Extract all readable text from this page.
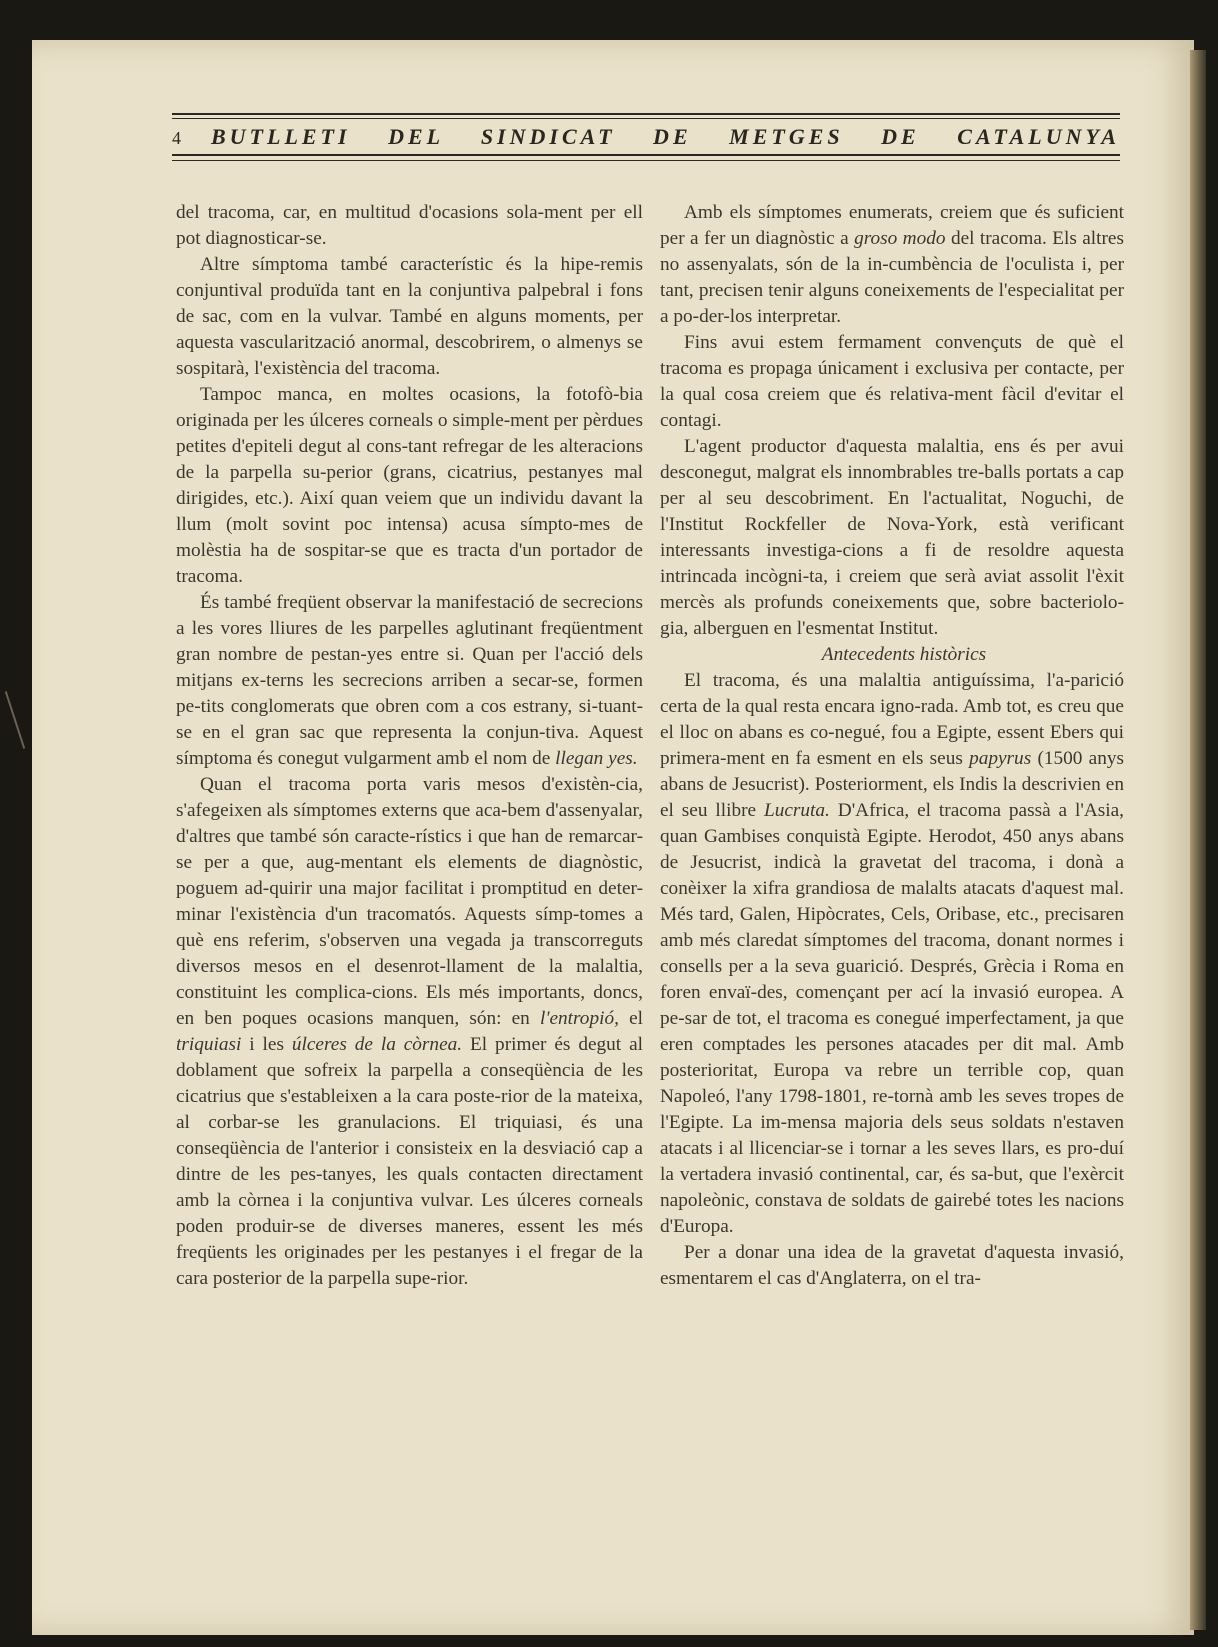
4 BUTLLETI DEL SINDICAT DE METGES DE CATALUNYA

del tracoma, car, en multitud d'ocasions sola-ment per ell pot diagnosticar-se.

Altre símptoma també característic és la hipe-remis conjuntival produïda tant en la conjuntiva palpebral i fons de sac, com en la vulvar. També en alguns moments, per aquesta vascularització anormal, descobrirem, o almenys se sospitarà, l'existència del tracoma.

Tampoc manca, en moltes ocasions, la fotofò-bia originada per les úlceres corneals o simple-ment per pèrdues petites d'epiteli degut al cons-tant refregar de les alteracions de la parpella su-perior (grans, cicatrius, pestanyes mal dirigides, etc.). Així quan veiem que un individu davant la llum (molt sovint poc intensa) acusa símpto-mes de molèstia ha de sospitar-se que es tracta d'un portador de tracoma.

És també freqüent observar la manifestació de secrecions a les vores lliures de les parpelles aglutinant freqüentment gran nombre de pestan-yes entre si. Quan per l'acció dels mitjans ex-terns les secrecions arriben a secar-se, formen pe-tits conglomerats que obren com a cos estrany, si-tuant-se en el gran sac que representa la conjun-tiva. Aquest símptoma és conegut vulgarment amb el nom de llegan yes.

Quan el tracoma porta varis mesos d'existèn-cia, s'afegeixen als símptomes externs que aca-bem d'assenyalar, d'altres que també són caracte-rístics i que han de remarcar-se per a que, aug-mentant els elements de diagnòstic, poguem ad-quirir una major facilitat i promptitud en deter-minar l'existència d'un tracomatós. Aquests símp-tomes a què ens referim, s'observen una vegada ja transcorreguts diversos mesos en el desenrot-llament de la malaltia, constituint les complica-cions. Els més importants, doncs, en ben poques ocasions manquen, són: en l'entropió, el triquiasi i les úlceres de la còrnea. El primer és degut al doblament que sofreix la parpella a conseqüència de les cicatrius que s'estableixen a la cara poste-rior de la mateixa, al corbar-se les granulacions. El triquiasi, és una conseqüència de l'anterior i consisteix en la desviació cap a dintre de les pes-tanyes, les quals contacten directament amb la còrnea i la conjuntiva vulvar. Les úlceres corneals poden produir-se de diverses maneres, essent les més freqüents les originades per les pestanyes i el fregar de la cara posterior de la parpella supe-rior.

Amb els símptomes enumerats, creiem que és suficient per a fer un diagnòstic a groso modo del tracoma. Els altres no assenyalats, són de la in-cumbència de l'oculista i, per tant, precisen tenir alguns coneixements de l'especialitat per a po-der-los interpretar.

Fins avui estem fermament convençuts de què el tracoma es propaga únicament i exclusiva per contacte, per la qual cosa creiem que és relativa-ment fàcil d'evitar el contagi.

L'agent productor d'aquesta malaltia, ens és per avui desconegut, malgrat els innombrables tre-balls portats a cap per al seu descobriment. En l'actualitat, Noguchi, de l'Institut Rockfeller de Nova-York, està verificant interessants investiga-cions a fi de resoldre aquesta intrincada incògni-ta, i creiem que serà aviat assolit l'èxit mercès als profunds coneixements que, sobre bacteriolo-gia, alberguen en l'esmentat Institut.

Antecedents històrics

El tracoma, és una malaltia antiguíssima, l'a-parició certa de la qual resta encara igno-rada. Amb tot, es creu que el lloc on abans es co-negué, fou a Egipte, essent Ebers qui primera-ment en fa esment en els seus papyrus (1500 anys abans de Jesucrist). Posteriorment, els Indis la descrivien en el seu llibre Lucruta. D'Africa, el tracoma passà a l'Asia, quan Gambises conquistà Egipte. Herodot, 450 anys abans de Jesucrist, indicà la gravetat del tracoma, i donà a conèixer la xifra grandiosa de malalts atacats d'aquest mal. Més tard, Galen, Hipòcrates, Cels, Oribase, etc., precisaren amb més claredat símptomes del tracoma, donant normes i consells per a la seva guarició. Després, Grècia i Roma en foren envaï-des, començant per ací la invasió europea. A pe-sar de tot, el tracoma es conegué imperfectament, ja que eren comptades les persones atacades per dit mal. Amb posterioritat, Europa va rebre un terrible cop, quan Napoleó, l'any 1798-1801, re-tornà amb les seves tropes de l'Egipte. La im-mensa majoria dels seus soldats n'estaven atacats i al llicenciar-se i tornar a les seves llars, es pro-duí la vertadera invasió continental, car, és sa-but, que l'exèrcit napoleònic, constava de soldats de gairebé totes les nacions d'Europa.

Per a donar una idea de la gravetat d'aquesta invasió, esmentarem el cas d'Anglaterra, on el tra-
